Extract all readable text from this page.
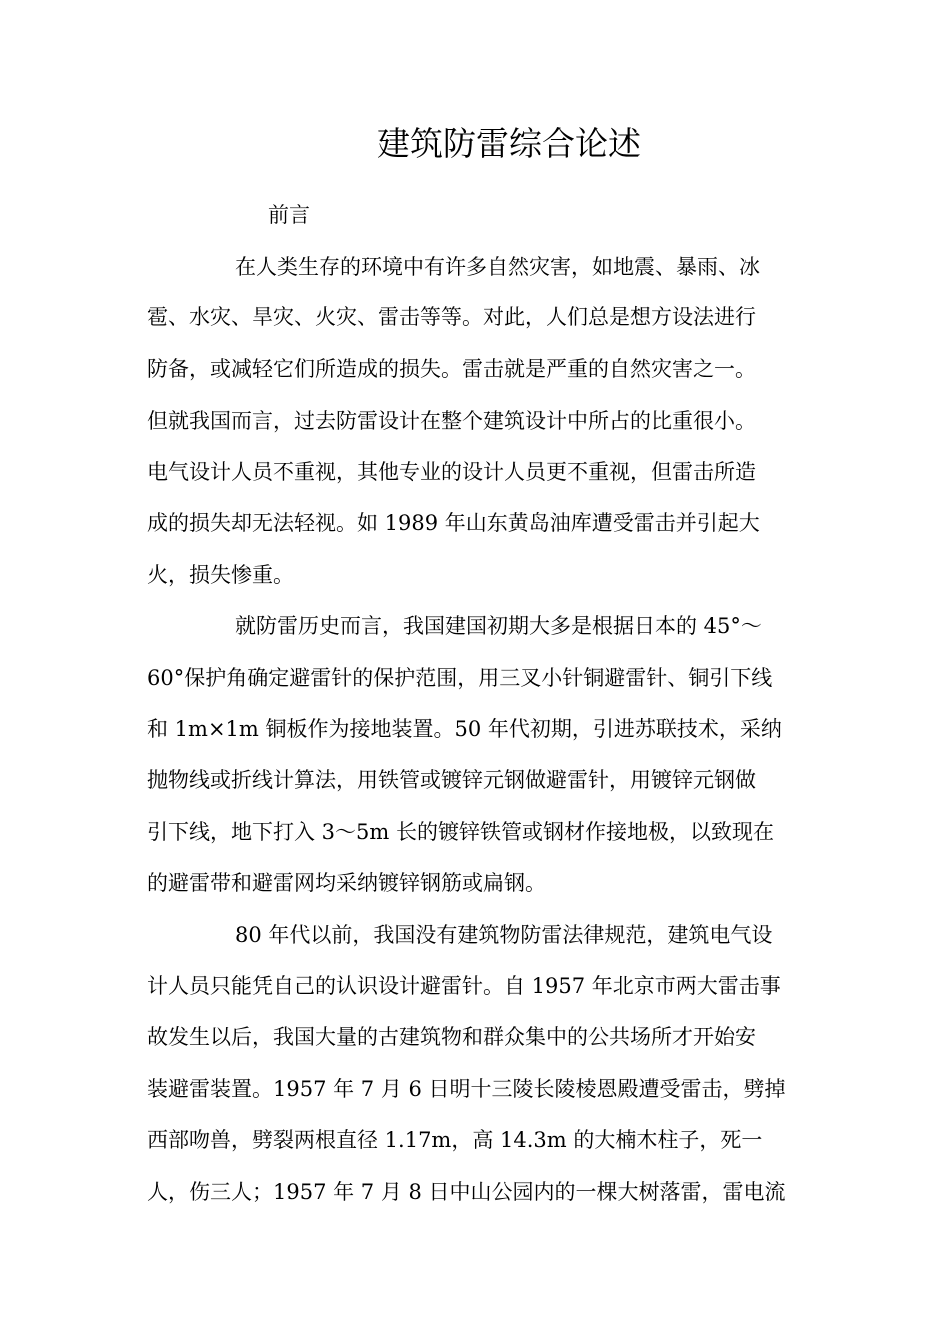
建筑防雷综合论述
前言
在人类生存的环境中有许多自然灾害，如地震、暴雨、冰
雹、水灾、旱灾、火灾、雷击等等。对此，人们总是想方设法进行
防备，或减轻它们所造成的损失。雷击就是严重的自然灾害之一。
但就我国而言，过去防雷设计在整个建筑设计中所占的比重很小。
电气设计人员不重视，其他专业的设计人员更不重视，但雷击所造
成的损失却无法轻视。如 1989 年山东黄岛油库遭受雷击并引起大
火，损失惨重。
就防雷历史而言，我国建国初期大多是根据日本的 45°～
60°保护角确定避雷针的保护范围，用三叉小针铜避雷针、铜引下线
和 1m×1m 铜板作为接地装置。50 年代初期，引进苏联技术，采纳
抛物线或折线计算法，用铁管或镀锌元钢做避雷针，用镀锌元钢做
引下线，地下打入 3～5m 长的镀锌铁管或钢材作接地极，以致现在
的避雷带和避雷网均采纳镀锌钢筋或扁钢。
80 年代以前，我国没有建筑物防雷法律规范，建筑电气设
计人员只能凭自己的认识设计避雷针。自 1957 年北京市两大雷击事
故发生以后，我国大量的古建筑物和群众集中的公共场所才开始安
装避雷装置。1957 年 7 月 6 日明十三陵长陵棱恩殿遭受雷击，劈掉
西部吻兽，劈裂两根直径 1.17m，高 14.3m 的大楠木柱子，死一
人，伤三人；1957 年 7 月 8 日中山公园内的一棵大树落雷，雷电流
